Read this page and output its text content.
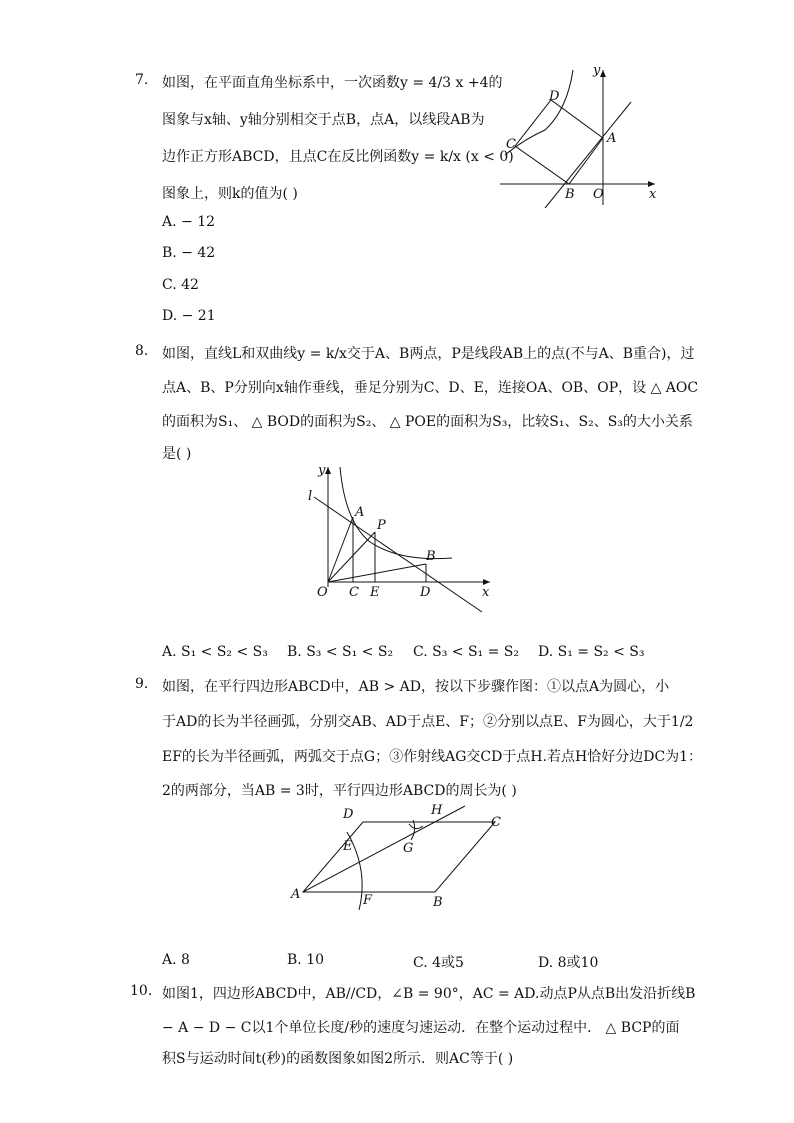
7. 如图，在平面直角坐标系中，一次函数y = 4/3 x +4的
图象与x轴、y轴分别相交于点B，点A，以线段AB为
边作正方形ABCD，且点C在反比例函数y = k/x (x < 0)
图象上，则k的值为( )
A. − 12
B. − 42
C. 42
D. − 21
y
D
A
C
B O	x
8. 如图，直线L和双曲线y = k/x交于A、B两点，P是线段AB上的点(不与A、B重合)，过
点A、B、P分别向x轴作垂线，垂足分别为C、D、E，连接OA、OB、OP，设 △ AOC
的面积为S₁、 △ BOD的面积为S₂、 △ POE的面积为S₃，比较S₁、S₂、S₃的大小关系
是( )
y
l
A
P
B
O C E	D	x
A. S₁ < S₂ < S₃ B. S₃ < S₁ < S₂ C. S₃ < S₁ = S₂ D. S₁ = S₂ < S₃
9. 如图，在平行四边形ABCD中，AB > AD，按以下步骤作图：①以点A为圆心，小
于AD的长为半径画弧，分别交AB、AD于点E、F；②分别以点E、F为圆心，大于1/2
EF的长为半径画弧，两弧交于点G；③作射线AG交CD于点H.若点H恰好分边DC为1：
2的两部分，当AB = 3时，平行四边形ABCD的周长为( )
D	H
C
E	G
A	F	B
A. 8	B. 10	C. 4或5	D. 8或10
10. 如图1，四边形ABCD中，AB//CD，∠B = 90°，AC = AD.动点P从点B出发沿折线B
− A − D − C以1个单位长度/秒的速度匀速运动．在整个运动过程中． △ BCP的面
积S与运动时间t(秒)的函数图象如图2所示．则AC等于( )
